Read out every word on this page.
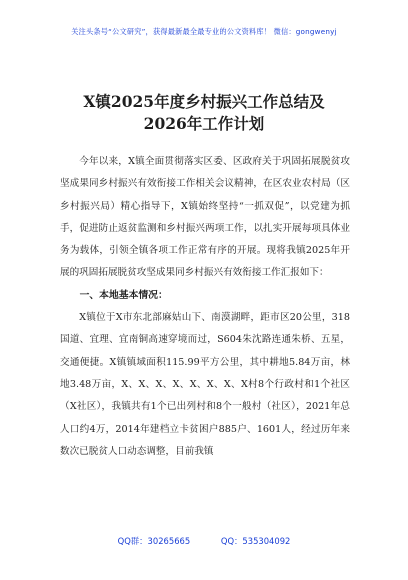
关注头条号“公文研究”，获得最新最全最专业的公文资料库！ 微信：gongwenyj
X镇2025年度乡村振兴工作总结及
2026年工作计划

今年以来，X镇全面贯彻落实区委、区政府关于巩固拓展脱贫攻坚成果同乡村振兴有效衔接工作相关会议精神，在区农业农村局（区乡村振兴局）精心指导下，X镇始终坚持“一抓双促”，以党建为抓手，促进防止返贫监测和乡村振兴两项工作，以扎实开展每项具体业务为载体，引领全镇各项工作正常有序的开展。现将我镇2025年开展的巩固拓展脱贫攻坚成果同乡村振兴有效衔接工作汇报如下：

一、本地基本情况：

X镇位于X市东北部麻姑山下、南漠湖畔，距市区20公里，318国道、宜理、宜南铜高速穿境而过，S604朱沈路连通朱桥、五星，交通便捷。X镇镇域面积115.99平方公里，其中耕地5.84万亩，林地3.48万亩，X、X、X、X、X、X、X、X村8个行政村和1个社区（X社区），我镇共有1个已出列村和8个一般村（社区），2021年总人口约4万，2014年建档立卡贫困户885户、1601人，经过历年来数次已脱贫人口动态调整，目前我镇

QQ群：30265665	QQ：535304092
